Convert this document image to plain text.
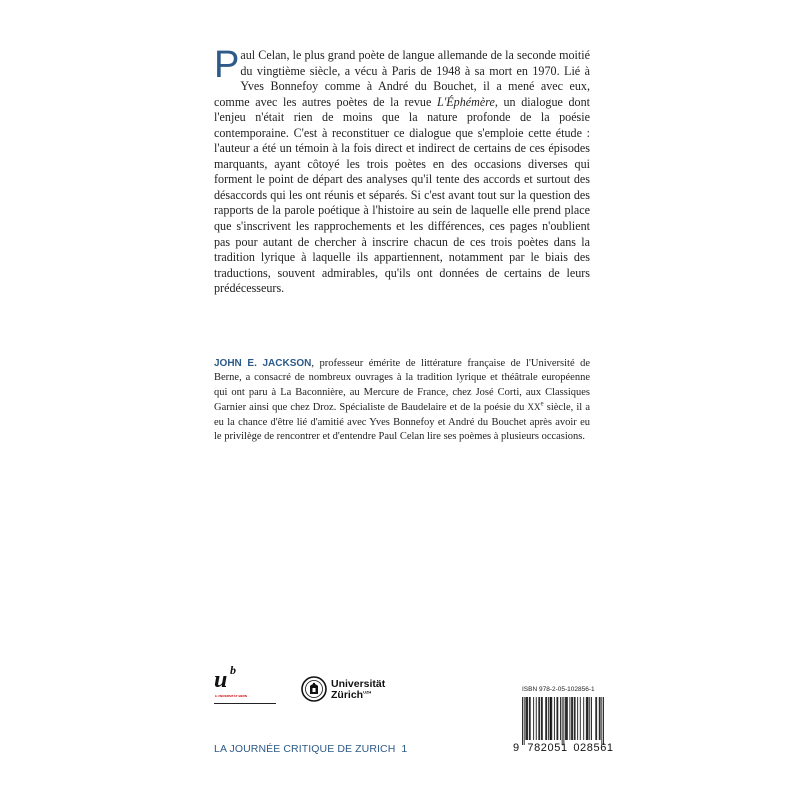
Paul Celan, le plus grand poète de langue allemande de la seconde moitié du vingtième siècle, a vécu à Paris de 1948 à sa mort en 1970. Lié à Yves Bonnefoy comme à André du Bouchet, il a mené avec eux, comme avec les autres poètes de la revue L'Éphémère, un dialogue dont l'enjeu n'était rien de moins que la nature profonde de la poésie contemporaine. C'est à reconstituer ce dialogue que s'emploie cette étude : l'auteur a été un témoin à la fois direct et indirect de certains de ces épisodes marquants, ayant côtoyé les trois poètes en des occasions diverses qui forment le point de départ des analyses qu'il tente des accords et surtout des désaccords qui les ont réunis et séparés. Si c'est avant tout sur la question des rapports de la parole poétique à l'histoire au sein de laquelle elle prend place que s'inscrivent les rapprochements et les différences, ces pages n'oublient pas pour autant de chercher à inscrire chacun de ces trois poètes dans la tradition lyrique à laquelle ils appartiennent, notamment par le biais des traductions, souvent admirables, qu'ils ont données de certains de leurs prédécesseurs.

JOHN E. JACKSON, professeur émérite de littérature française de l'Université de Berne, a consacré de nombreux ouvrages à la tradition lyrique et théâtrale européenne qui ont paru à La Baconnière, au Mercure de France, chez José Corti, aux Classiques Garnier ainsi que chez Droz. Spécialiste de Baudelaire et de la poésie du XXe siècle, il a eu la chance d'être lié d'amitié avec Yves Bonnefoy et André du Bouchet après avoir eu le privilège de rencontrer et d'entendre Paul Celan lire ses poèmes à plusieurs occasions.

u b
b UNIVERSITÄT BERN
Universität
Zürich$^{UZH}$
LA JOURNÉE CRITIQUE DE ZURICH 1
ISBN 978-2-05-102856-1
9 782051 028561
